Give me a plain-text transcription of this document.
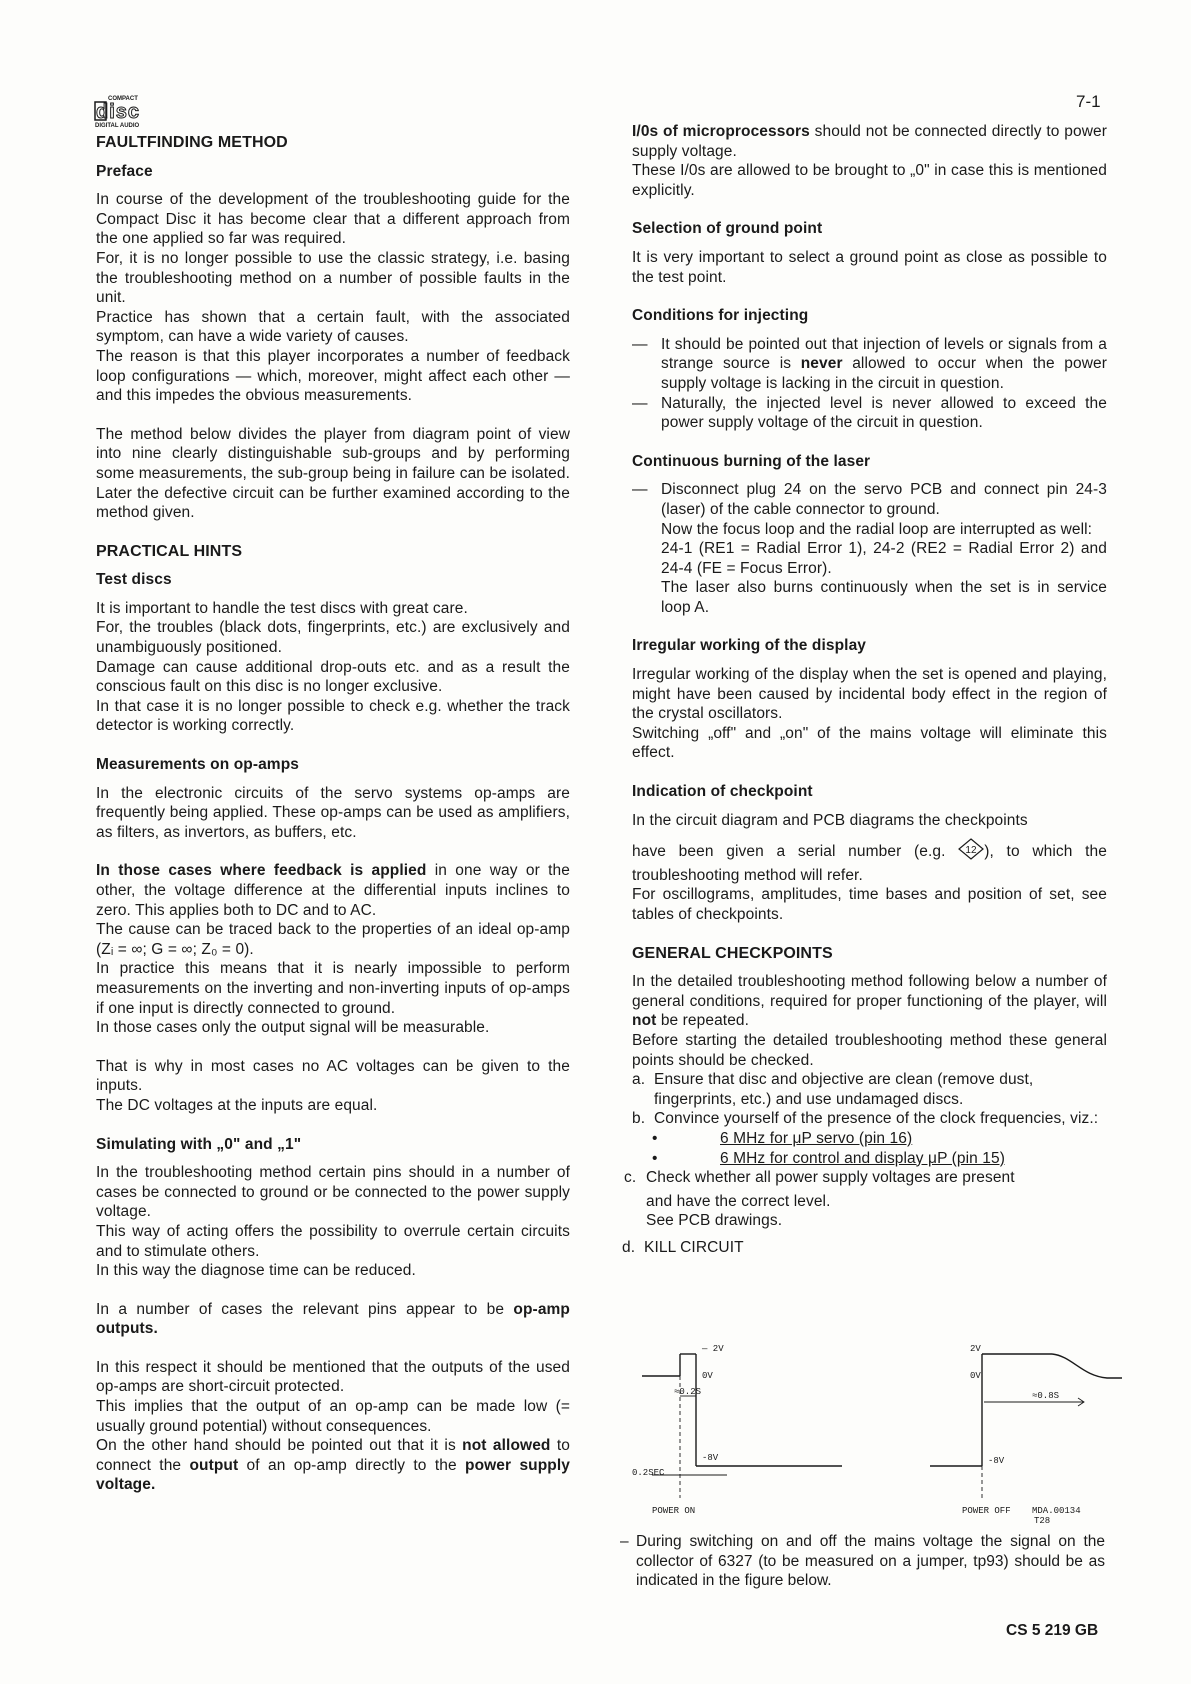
COMPACT
disc
DIGITAL AUDIO
7-1

FAULTFINDING METHOD

Preface

In course of the development of the troubleshooting guide for the Compact Disc it has become clear that a different approach from the one applied so far was required.

For, it is no longer possible to use the classic strategy, i.e. basing the troubleshooting method on a number of possible faults in the unit.

Practice has shown that a certain fault, with the associated symptom, can have a wide variety of causes.

The reason is that this player incorporates a number of feedback loop configurations — which, moreover, might affect each other — and this impedes the obvious measurements.

The method below divides the player from diagram point of view into nine clearly distinguishable sub-groups and by performing some measurements, the sub-group being in failure can be isolated. Later the defective circuit can be further examined according to the method given.

PRACTICAL HINTS

Test discs

It is important to handle the test discs with great care.

For, the troubles (black dots, fingerprints, etc.) are exclusively and unambiguously positioned.

Damage can cause additional drop-outs etc. and as a result the conscious fault on this disc is no longer exclusive.

In that case it is no longer possible to check e.g. whether the track detector is working correctly.

Measurements on op-amps

In the electronic circuits of the servo systems op-amps are frequently being applied. These op-amps can be used as amplifiers, as filters, as invertors, as buffers, etc.

In those cases where feedback is applied in one way or the other, the voltage difference at the differential inputs inclines to zero. This applies both to DC and to AC.

The cause can be traced back to the properties of an ideal op-amp (Zᵢ = ∞; G = ∞; Z₀ = 0).

In practice this means that it is nearly impossible to perform measurements on the inverting and non-inverting inputs of op-amps if one input is directly connected to ground.

In those cases only the output signal will be measurable.

That is why in most cases no AC voltages can be given to the inputs.

The DC voltages at the inputs are equal.

Simulating with „0" and „1"

In the troubleshooting method certain pins should in a number of cases be connected to ground or be connected to the power supply voltage.

This way of acting offers the possibility to overrule certain circuits and to stimulate others.

In this way the diagnose time can be reduced.

In a number of cases the relevant pins appear to be op-amp outputs.

In this respect it should be mentioned that the outputs of the used op-amps are short-circuit protected.

This implies that the output of an op-amp can be made low (= usually ground potential) without consequences.

On the other hand should be pointed out that it is not allowed to connect the output of an op-amp directly to the power supply voltage.

I/0s of microprocessors should not be connected directly to power supply voltage.

These I/0s are allowed to be brought to „0" in case this is mentioned explicitly.

Selection of ground point

It is very important to select a ground point as close as possible to the test point.

Conditions for injecting

— It should be pointed out that injection of levels or signals from a strange source is never allowed to occur when the power supply voltage is lacking in the circuit in question.
— Naturally, the injected level is never allowed to exceed the power supply voltage of the circuit in question.

Continuous burning of the laser

— Disconnect plug 24 on the servo PCB and connect pin 24-3 (laser) of the cable connector to ground.
Now the focus loop and the radial loop are interrupted as well:
24-1 (RE1 = Radial Error 1), 24-2 (RE2 = Radial Error 2) and 24-4 (FE = Focus Error).
The laser also burns continuously when the set is in service loop A.

Irregular working of the display

Irregular working of the display when the set is opened and playing, might have been caused by incidental body effect in the region of the crystal oscillators.

Switching „off" and „on" of the mains voltage will eliminate this effect.

Indication of checkpoint

In the circuit diagram and PCB diagrams the checkpoints

have been given a serial number (e.g. 12 ), to which the troubleshooting method will refer.

For oscillograms, amplitudes, time bases and position of set, see tables of checkpoints.

GENERAL CHECKPOINTS

In the detailed troubleshooting method following below a number of general conditions, required for proper functioning of the player, will not be repeated.

Before starting the detailed troubleshooting method these general points should be checked.

a. Ensure that disc and objective are clean (remove dust, fingerprints, etc.) and use undamaged discs.
b. Convince yourself of the presence of the clock frequencies, viz.:
•	6 MHz for μP servo (pin 16)
•	6 MHz for control and display μP (pin 15)
c. Check whether all power supply voltages are present
and have the correct level.
See PCB drawings.
d. KILL CIRCUIT
— 2V
0V
≈0.2S
-8V
0.2SEC
POWER ON
2V
0V
≈0.8S
-8V
POWER OFF MDA.00134
T28
– During switching on and off the mains voltage the signal on the collector of 6327 (to be measured on a jumper, tp93) should be as indicated in the figure below.
CS 5 219 GB
